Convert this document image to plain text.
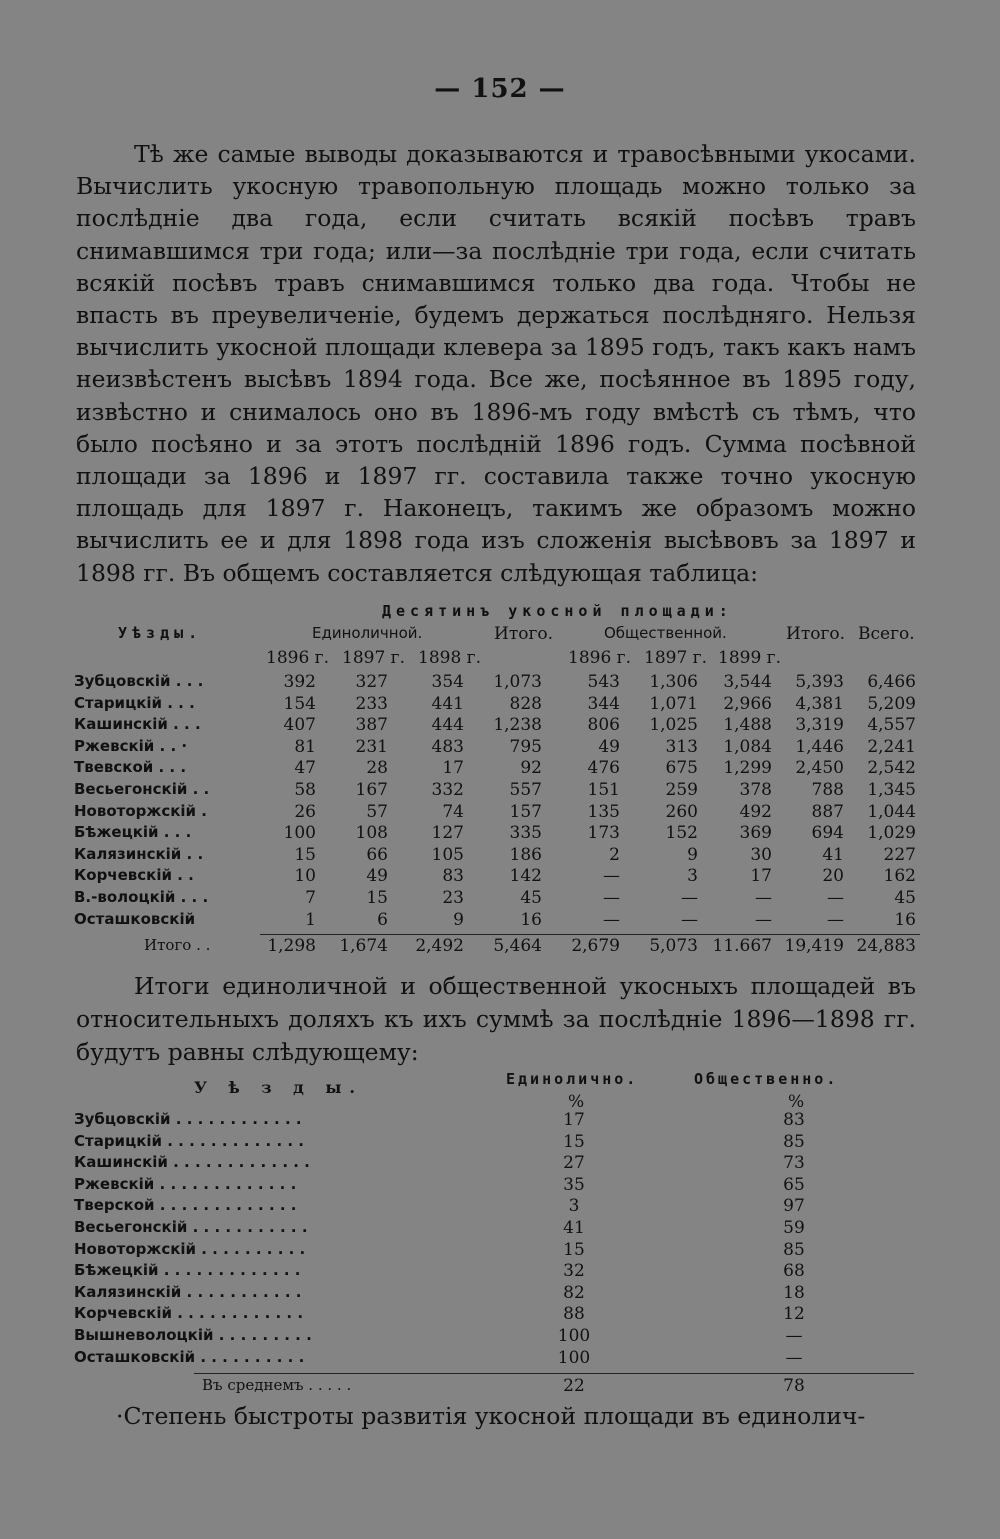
— 152 —
Тѣ же самые выводы доказываются и травосѣвными укосами. Вычислить укосную травопольную площадь можно только за послѣдніе два года, если считать всякій посѣвъ травъ снимавшимся три года; или—за послѣдніе три года, если считать всякій посѣвъ травъ снимавшимся только два года. Чтобы не впасть въ преувеличеніе, будемъ держаться послѣдняго. Нельзя вычислить укосной площади клевера за 1895 годъ, такъ какъ намъ неизвѣстенъ высѣвъ 1894 года. Все же, посѣянное въ 1895 году, извѣстно и снималось оно въ 1896-мъ году вмѣстѣ съ тѣмъ, что было посѣяно и за этотъ послѣдній 1896 годъ. Сумма посѣвной площади за 1896 и 1897 гг. составила также точно укосную площадь для 1897 г. Наконецъ, такимъ же образомъ можно вычислить ее и для 1898 года изъ сложенія высѣвовъ за 1897 и 1898 гг. Въ общемъ составляется слѣдующая таблица:
Десятинъ укосной площади:
Уѣзды.	Единоличной.	Итого.	Общественной.	Итого. Всего.
1896 г. 1897 г. 1898 г.	1896 г. 1897 г. 1899 г.
Зубцовскій . . .	392	327	354	1,073	543	1,306	3,544	5,393	6,466
Старицкій . . .	154	233	441	828	344	1,071	2,966	4,381	5,209
Кашинскій . . .	407	387	444	1,238	806	1,025	1,488	3,319	4,557
Ржевскій . . ·	81	231	483	795	49	313	1,084	1,446	2,241
Твевской . . .	47	28	17	92	476	675	1,299	2,450	2,542
Весьегонскій . .	58	167	332	557	151	259	378	788	1,345
Новоторжскій .	26	57	74	157	135	260	492	887	1,044
Бѣжецкій . . .	100	108	127	335	173	152	369	694	1,029
Калязинскій . .	15	66	105	186	2	9	30	41	227
Корчевскій . .	10	49	83	142	—	3	17	20	162
В.-волоцкій . . .	7	15	23	45	—	—	—	—	45
Осташковскій	1	6	9	16	—	—	—	—	16
Итого . .	1,298	1,674	2,492	5,464	2,679	5,073 11.667 19,419 24,883
Итоги единоличной и общественной укосныхъ площадей въ относительныхъ доляхъ къ ихъ суммѣ за послѣдніе 1896—1898 гг. будутъ равны слѣдующему:
У ѣ з д ы.	Единолично.	Общественно.
%	%
Зубцовскій . . . . . . . . . . . .	17	83
Старицкій . . . . . . . . . . . . .	15	85
Кашинскій . . . . . . . . . . . . .	27	73
Ржевскій . . . . . . . . . . . . .	35	65
Тверской . . . . . . . . . . . . .	3	97
Весьегонскій . . . . . . . . . . .	41	59
Новоторжскій . . . . . . . . . .	15	85
Бѣжецкій . . . . . . . . . . . . .	32	68
Калязинскій . . . . . . . . . . .	82	18
Корчевскій . . . . . . . . . . . .	88	12
Вышневолоцкій . . . . . . . . .	100	—
Осташковскій . . . . . . . . . .	100	—
Въ среднемъ . . . . .	22	78
·Степень быстроты развитія укосной площади въ единолич-
